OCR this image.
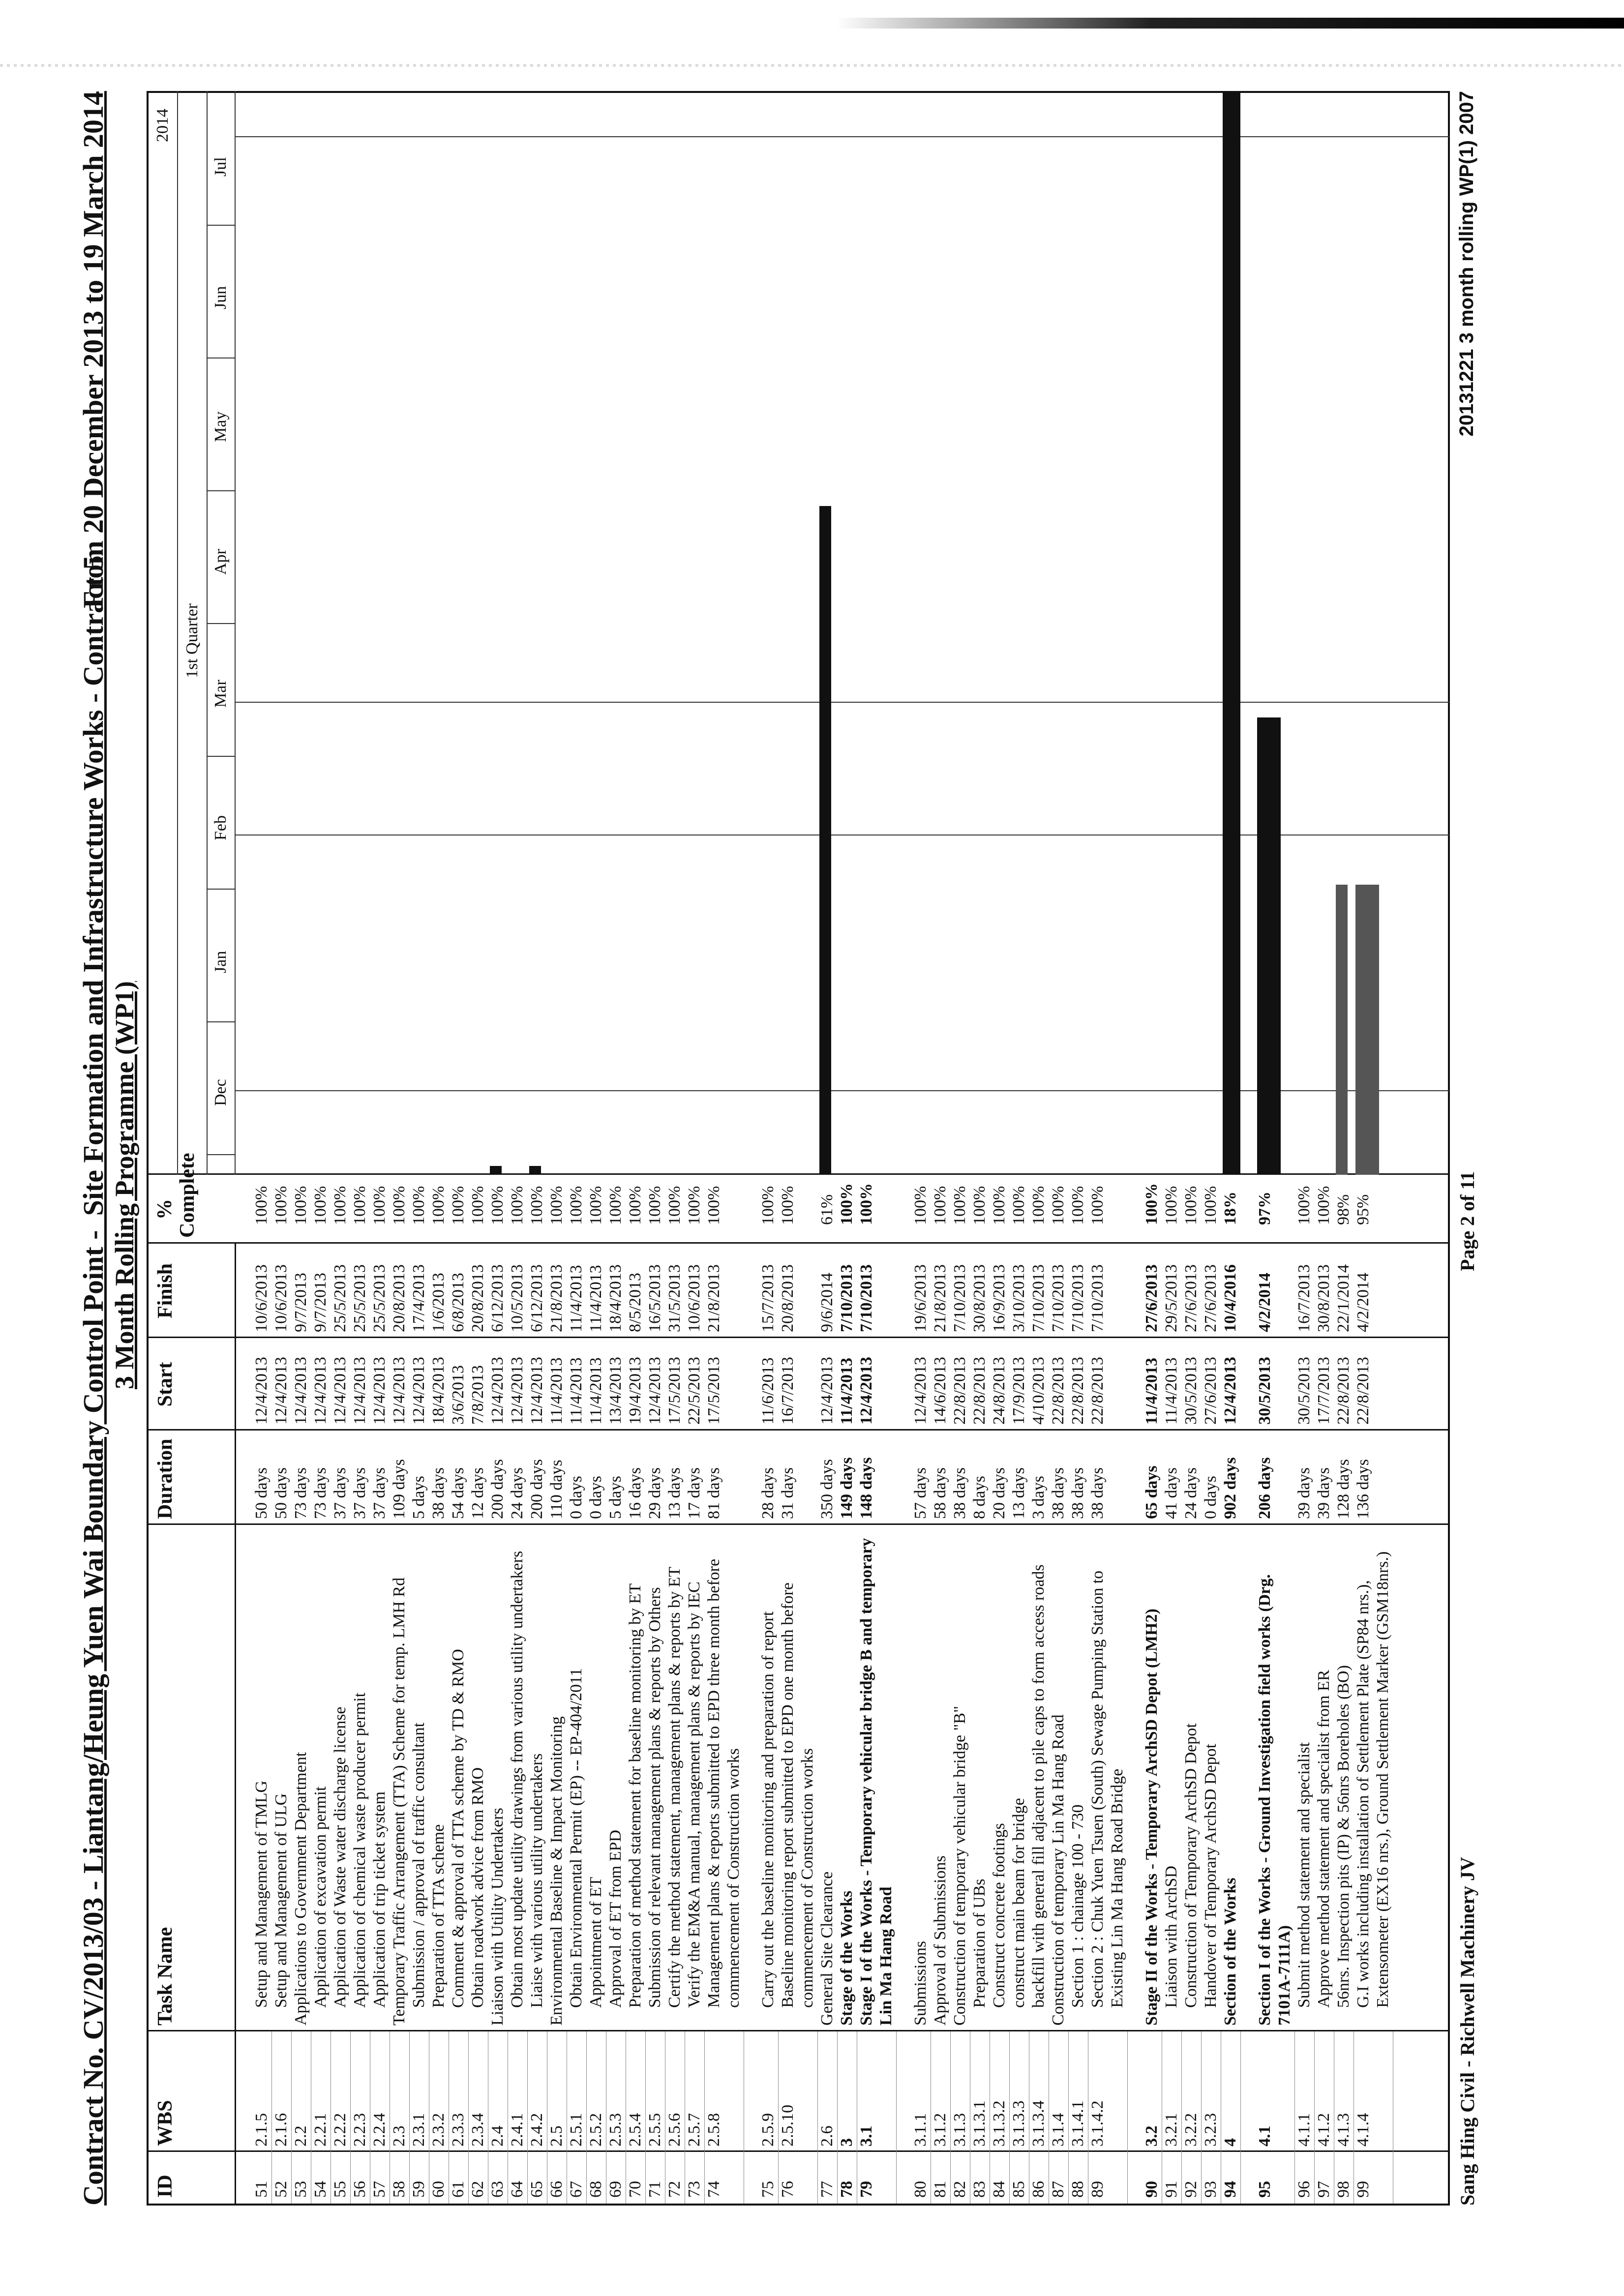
Contract No. CV/2013/03 - Liantang/Heung Yuen Wai Boundary Control Point -  Site Formation and Infrastructure Works - Contract 5 3 Month Rolling Programme (WP1)
From 20 December 2013 to 19 March 2014
ID
WBS
Task Name
Duration
Start
Finish
% Complete
2014
1st Quarter
Dec
Jan
Feb
Mar
Apr
May
Jun
Jul
51
2.1.5
Setup and Management of TMLG
50 days
12/4/2013
10/6/2013
100%
52
2.1.6
Setup and Management of ULG
50 days
12/4/2013
10/6/2013
100%
53
2.2
Applications to Government Department
73 days
12/4/2013
9/7/2013
100%
54
2.2.1
Application of excavation permit
73 days
12/4/2013
9/7/2013
100%
55
2.2.2
Application of Waste water discharge license
37 days
12/4/2013
25/5/2013
100%
56
2.2.3
Application of chemical waste producer permit
37 days
12/4/2013
25/5/2013
100%
57
2.2.4
Application of trip ticket system
37 days
12/4/2013
25/5/2013
100%
58
2.3
Temporary Traffic Arrangement (TTA) Scheme for temp. LMH Rd
109 days
12/4/2013
20/8/2013
100%
59
2.3.1
Submission / approval of traffic consultant
5 days
12/4/2013
17/4/2013
100%
60
2.3.2
Preparation of TTA scheme
38 days
18/4/2013
1/6/2013
100%
61
2.3.3
Comment & approval of TTA scheme by TD & RMO
54 days
3/6/2013
6/8/2013
100%
62
2.3.4
Obtain roadwork advice from RMO
12 days
7/8/2013
20/8/2013
100%
63
2.4
Liaison with Utility Undertakers
200 days
12/4/2013
6/12/2013
100%
64
2.4.1
Obtain most update utility drawings from various utility undertakers
24 days
12/4/2013
10/5/2013
100%
65
2.4.2
Liaise with various utility undertakers
200 days
12/4/2013
6/12/2013
100%
66
2.5
Environmental Baseline & Impact Monitoring
110 days
11/4/2013
21/8/2013
100%
67
2.5.1
Obtain Environmental Permit (EP) -- EP-404/2011
0 days
11/4/2013
11/4/2013
100%
68
2.5.2
Appointment of ET
0 days
11/4/2013
11/4/2013
100%
69
2.5.3
Approval of ET from EPD
5 days
13/4/2013
18/4/2013
100%
70
2.5.4
Preparation of method statement for baseline monitoring by ET
16 days
19/4/2013
8/5/2013
100%
71
2.5.5
Submission of relevant management plans & reports by Others
29 days
12/4/2013
16/5/2013
100%
72
2.5.6
Certify the method statement, management plans & reports by ET
13 days
17/5/2013
31/5/2013
100%
73
2.5.7
Verify the EM&A manual, management plans & reports by IEC
17 days
22/5/2013
10/6/2013
100%
74
2.5.8
Management plans & reports submitted to EPD three month before commencement of Construction works
81 days
17/5/2013
21/8/2013
100%
75
2.5.9
Carry out the baseline monitoring and preparation of report
28 days
11/6/2013
15/7/2013
100%
76
2.5.10
Baseline monitoring report submitted to EPD one month before commencement of Construction works
31 days
16/7/2013
20/8/2013
100%
77
2.6
General Site Clearance
350 days
12/4/2013
9/6/2014
61%
78
3
Stage of the Works
149 days
11/4/2013
7/10/2013
100%
79
3.1
Stage I of the Works - Temporary vehicular bridge B and temporary Lin Ma Hang Road
148 days
12/4/2013
7/10/2013
100%
80
3.1.1
Submissions
57 days
12/4/2013
19/6/2013
100%
81
3.1.2
Approval of Submissions
58 days
14/6/2013
21/8/2013
100%
82
3.1.3
Construction of temporary vehicular bridge "B"
38 days
22/8/2013
7/10/2013
100%
83
3.1.3.1
Preparation of UBs
8 days
22/8/2013
30/8/2013
100%
84
3.1.3.2
Construct concrete footings
20 days
24/8/2013
16/9/2013
100%
85
3.1.3.3
construct main beam for bridge
13 days
17/9/2013
3/10/2013
100%
86
3.1.3.4
backfill with general fill adjacent to pile caps to form access roads
3 days
4/10/2013
7/10/2013
100%
87
3.1.4
Construction of temporary Lin Ma Hang Road
38 days
22/8/2013
7/10/2013
100%
88
3.1.4.1
Section 1 : chainage 100 - 730
38 days
22/8/2013
7/10/2013
100%
89
3.1.4.2
Section 2 : Chuk Yuen Tsuen (South) Sewage Pumping Station to Existing Lin Ma Hang Road Bridge
38 days
22/8/2013
7/10/2013
100%
90
3.2
Stage II of the Works - Temporary ArchSD Depot (LMH2)
65 days
11/4/2013
27/6/2013
100%
91
3.2.1
Liaison with ArchSD
41 days
11/4/2013
29/5/2013
100%
92
3.2.2
Construction of Temporary ArchSD Depot
24 days
30/5/2013
27/6/2013
100%
93
3.2.3
Handover of Temporary ArchSD Depot
0 days
27/6/2013
27/6/2013
100%
94
4
Section of the Works
902 days
12/4/2013
10/4/2016
18%
95
4.1
Section I of the Works - Ground Investigation field works (Drg. 7101A-7111A)
206 days
30/5/2013
4/2/2014
97%
96
4.1.1
Submit method statement and specialist
39 days
30/5/2013
16/7/2013
100%
97
4.1.2
Approve method statement and specialist from ER
39 days
17/7/2013
30/8/2013
100%
98
4.1.3
56nrs. Inspection pits (IP) & 56nrs Boreholes (BO)
128 days
22/8/2013
22/1/2014
98%
99
4.1.4
G.I works including installation of Settlement Plate (SP84 nrs.), Extensometer (EX16 nrs.), Ground Settlement Marker (GSM18nrs.)
136 days
22/8/2013
4/2/2014
95%
Sang Hing Civil - Richwell Machinery JV
Page 2 of 11
20131221 3 month rolling WP(1) 2007
